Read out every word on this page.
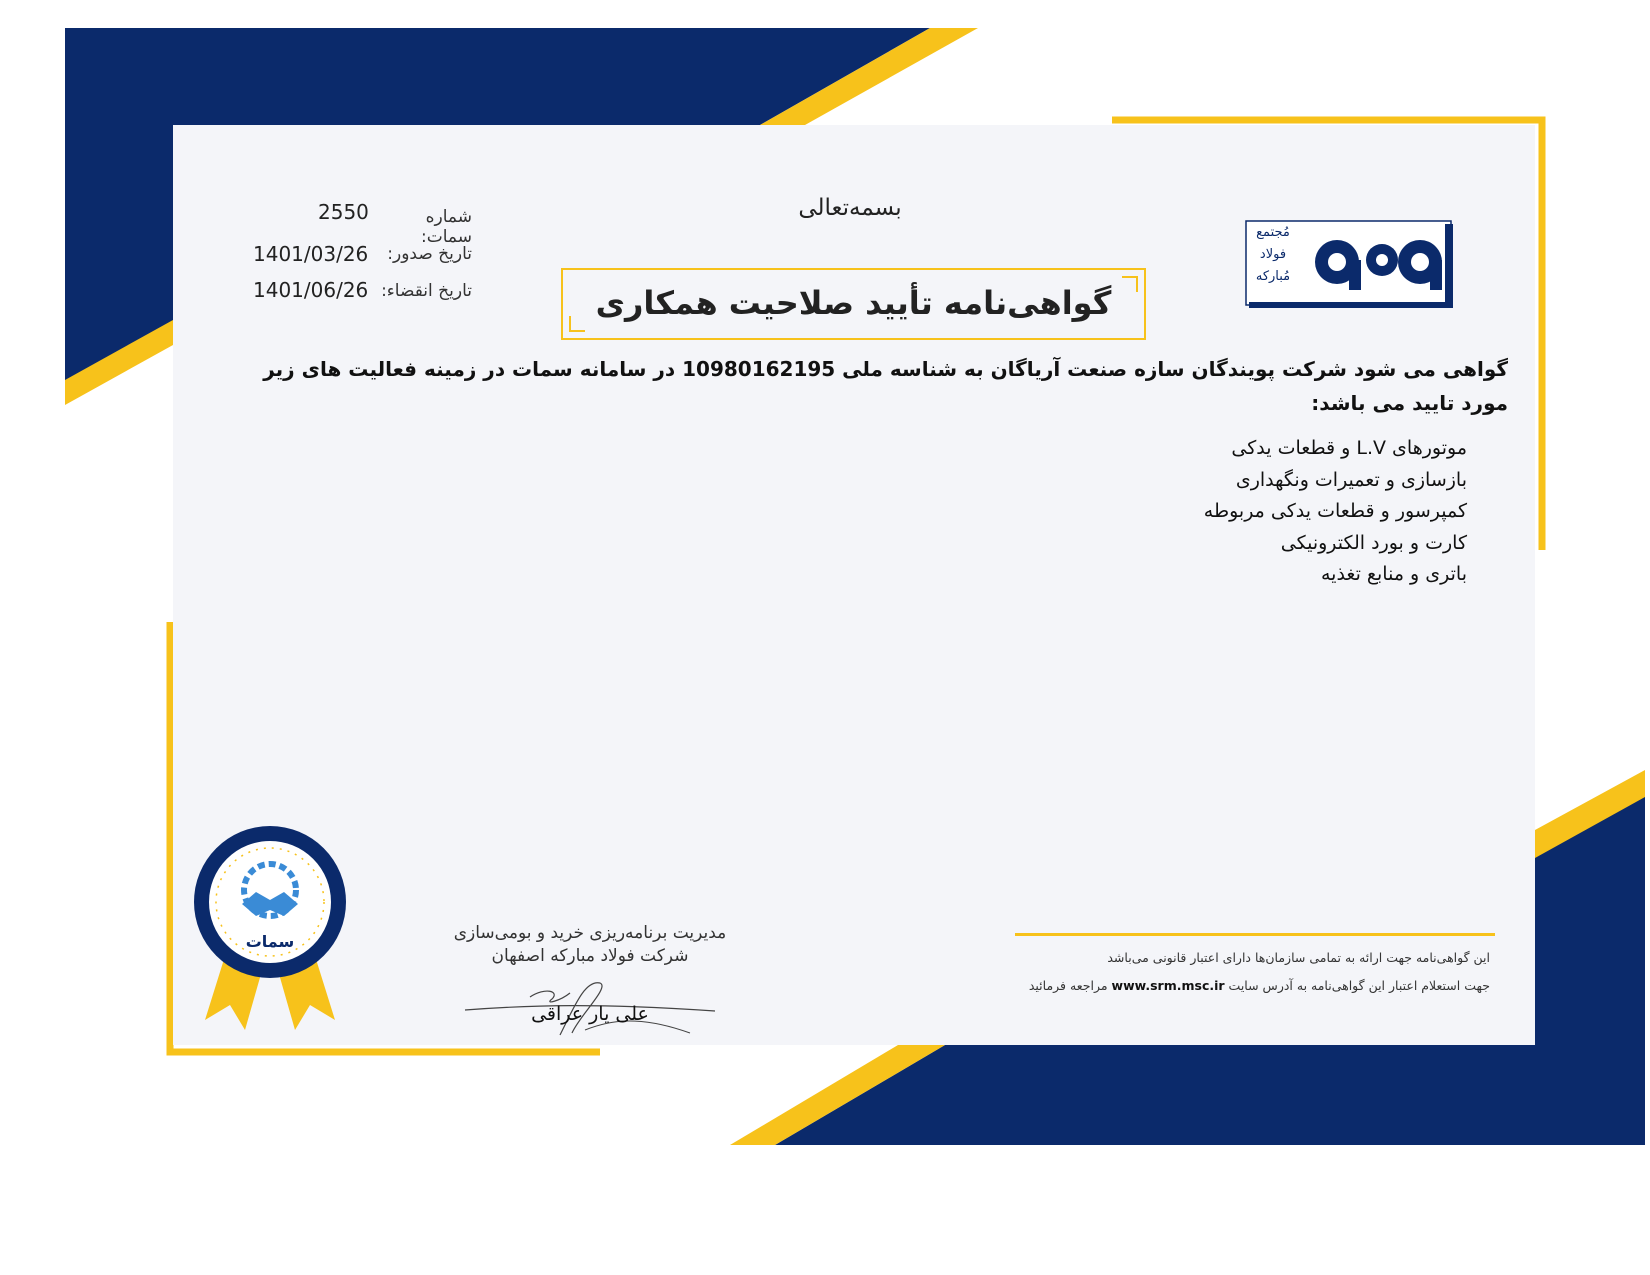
بسمه‌تعالی
شماره سمات:
2550
تاریخ صدور:
1401/03/26
تاریخ انقضاء:
1401/06/26	گواهی‌نامه تأیید صلاحیت همکاری
مُجتمع
فولاد
مُبارکه
گواهی می شود شرکت پویندگان سازه صنعت آریاگان به شناسه ملی 10980162195 در سامانه سمات در زمینه فعالیت های زیر مورد تایید می باشد:
موتورهای L.V و قطعات یدکی
بازسازی و تعمیرات ونگهداری
کمپرسور و قطعات یدکی مربوطه
کارت و بورد الکترونیکی
باتری و منابع تغذیه
سمات	مدیریت برنامه‌ریزی خرید و بومی‌سازی
شرکت فولاد مبارکه اصفهان
علی یار عراقی
این گواهی‌نامه جهت ارائه به تمامی سازمان‌ها دارای اعتبار قانونی می‌باشد
جهت استعلام اعتبار این گواهی‌نامه به آدرس سایت www.srm.msc.ir مراجعه فرمائید
